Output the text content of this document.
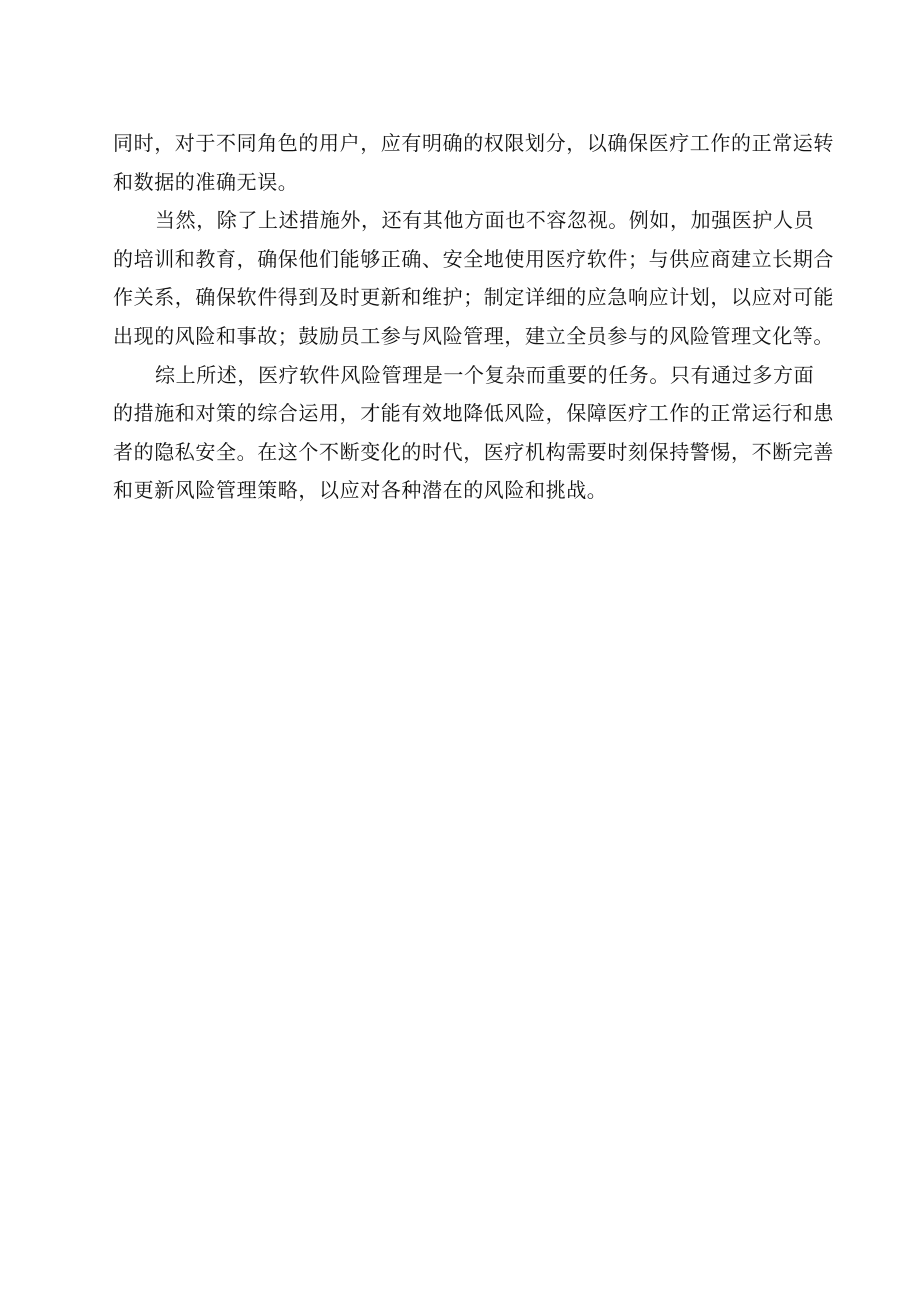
同时，对于不同角色的用户，应有明确的权限划分，以确保医疗工作的正常运转
和数据的准确无误。
当然，除了上述措施外，还有其他方面也不容忽视。例如，加强医护人员
的培训和教育，确保他们能够正确、安全地使用医疗软件；与供应商建立长期合
作关系，确保软件得到及时更新和维护；制定详细的应急响应计划，以应对可能
出现的风险和事故；鼓励员工参与风险管理，建立全员参与的风险管理文化等。
综上所述，医疗软件风险管理是一个复杂而重要的任务。只有通过多方面
的措施和对策的综合运用，才能有效地降低风险，保障医疗工作的正常运行和患
者的隐私安全。在这个不断变化的时代，医疗机构需要时刻保持警惕，不断完善
和更新风险管理策略，以应对各种潜在的风险和挑战。
